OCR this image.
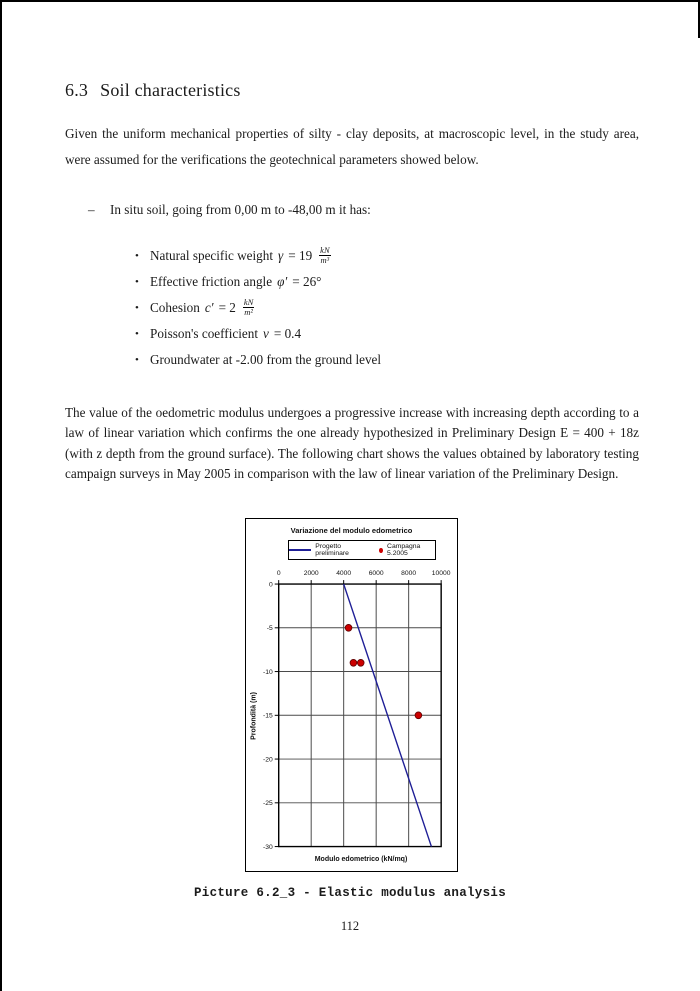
6.3 Soil characteristics
Given the uniform mechanical properties of silty - clay deposits, at macroscopic level, in the study area, were assumed for the verifications the geotechnical parameters showed below.
–	In situ soil, going from 0,00 m to -48,00 m it has:
• Natural specific weight $\gamma = 19 \frac{kN}{\text{m³}}$
• Effective friction angle φ′ = 26°
• Cohesion $c' = 2 \frac{kN}{\text{m²}}$
• Poisson's coefficient ν = 0.4
• Groundwater at -2.00 from the ground level
The value of the oedometric modulus undergoes a progressive increase with increasing depth according to a law of linear variation which confirms the one already hypothesized in Preliminary Design E = 400 + 18z (with z depth from the ground surface). The following chart shows the values obtained by laboratory testing campaign surveys in May 2005 in comparison with the law of linear variation of the Preliminary Design.
Variazione del modulo edometrico
Progetto preliminare
Campagna 5.2005
0	2000	4000	6000	8000 10000
0
-5
-10
-15
-20
-25
-30
Profondità (m)
Modulo edometrico (kN/mq)
Picture 6.2_3 - Elastic modulus analysis
112
